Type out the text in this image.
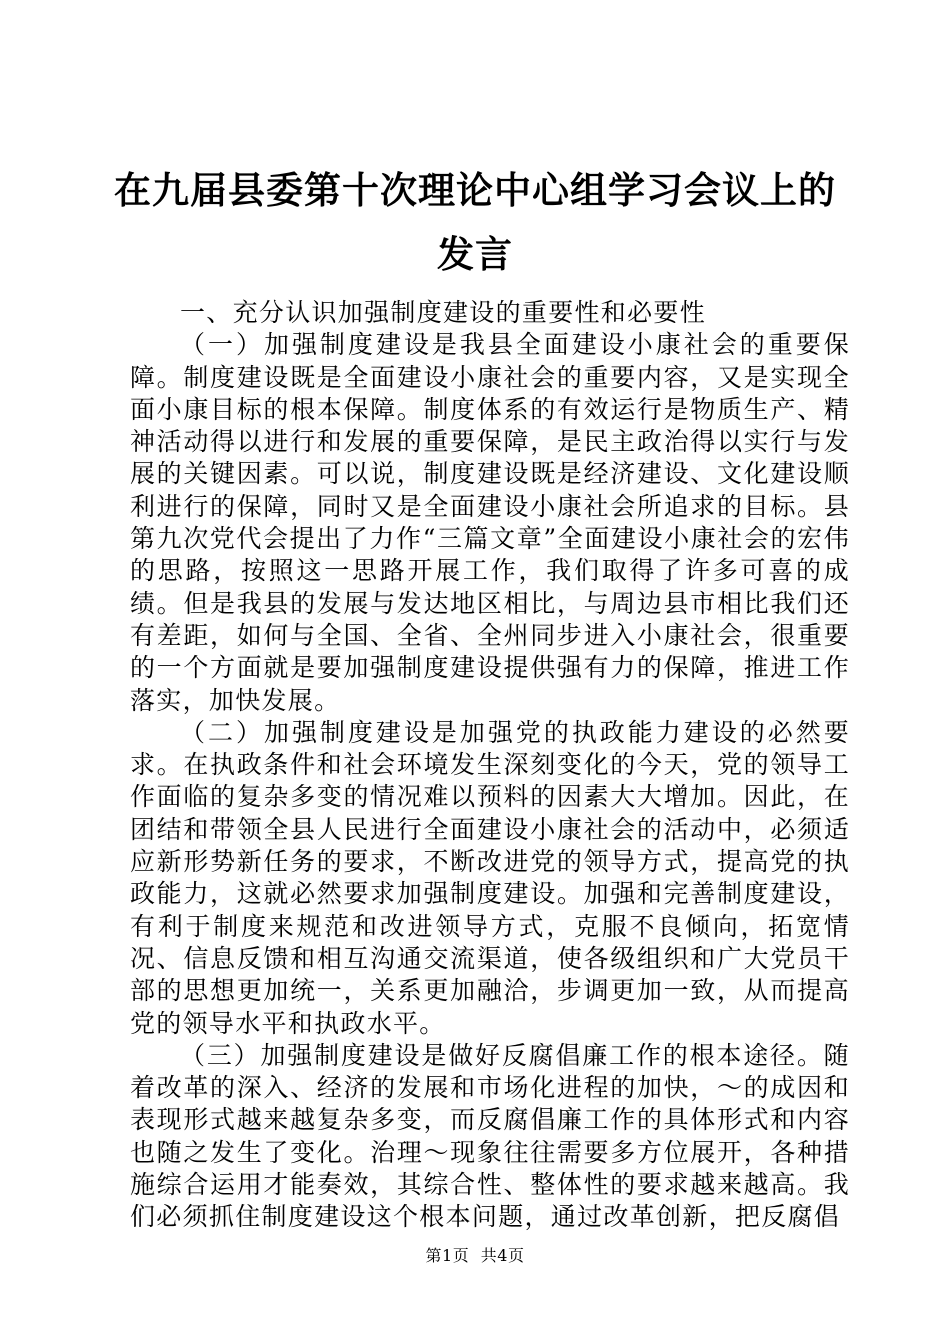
在九届县委第十次理论中心组学习会议上的发言

一、充分认识加强制度建设的重要性和必要性

（一）加强制度建设是我县全面建设小康社会的重要保障。制度建设既是全面建设小康社会的重要内容，又是实现全面小康目标的根本保障。制度体系的有效运行是物质生产、精神活动得以进行和发展的重要保障，是民主政治得以实行与发展的关键因素。可以说，制度建设既是经济建设、文化建设顺利进行的保障，同时又是全面建设小康社会所追求的目标。县第九次党代会提出了力作“三篇文章”全面建设小康社会的宏伟的思路，按照这一思路开展工作，我们取得了许多可喜的成绩。但是我县的发展与发达地区相比，与周边县市相比我们还有差距，如何与全国、全省、全州同步进入小康社会，很重要的一个方面就是要加强制度建设提供强有力的保障，推进工作落实，加快发展。

（二）加强制度建设是加强党的执政能力建设的必然要求。在执政条件和社会环境发生深刻变化的今天，党的领导工作面临的复杂多变的情况难以预料的因素大大增加。因此，在团结和带领全县人民进行全面建设小康社会的活动中，必须适应新形势新任务的要求，不断改进党的领导方式，提高党的执政能力，这就必然要求加强制度建设。加强和完善制度建设，有利于制度来规范和改进领导方式，克服不良倾向，拓宽情况、信息反馈和相互沟通交流渠道，使各级组织和广大党员干部的思想更加统一，关系更加融洽，步调更加一致，从而提高党的领导水平和执政水平。

（三）加强制度建设是做好反腐倡廉工作的根本途径。随着改革的深入、经济的发展和市场化进程的加快，～的成因和表现形式越来越复杂多变，而反腐倡廉工作的具体形式和内容也随之发生了变化。治理～现象往往需要多方位展开，各种措施综合运用才能奏效，其综合性、整体性的要求越来越高。我们必须抓住制度建设这个根本问题，通过改革创新，把反腐倡

第1页 共4页
